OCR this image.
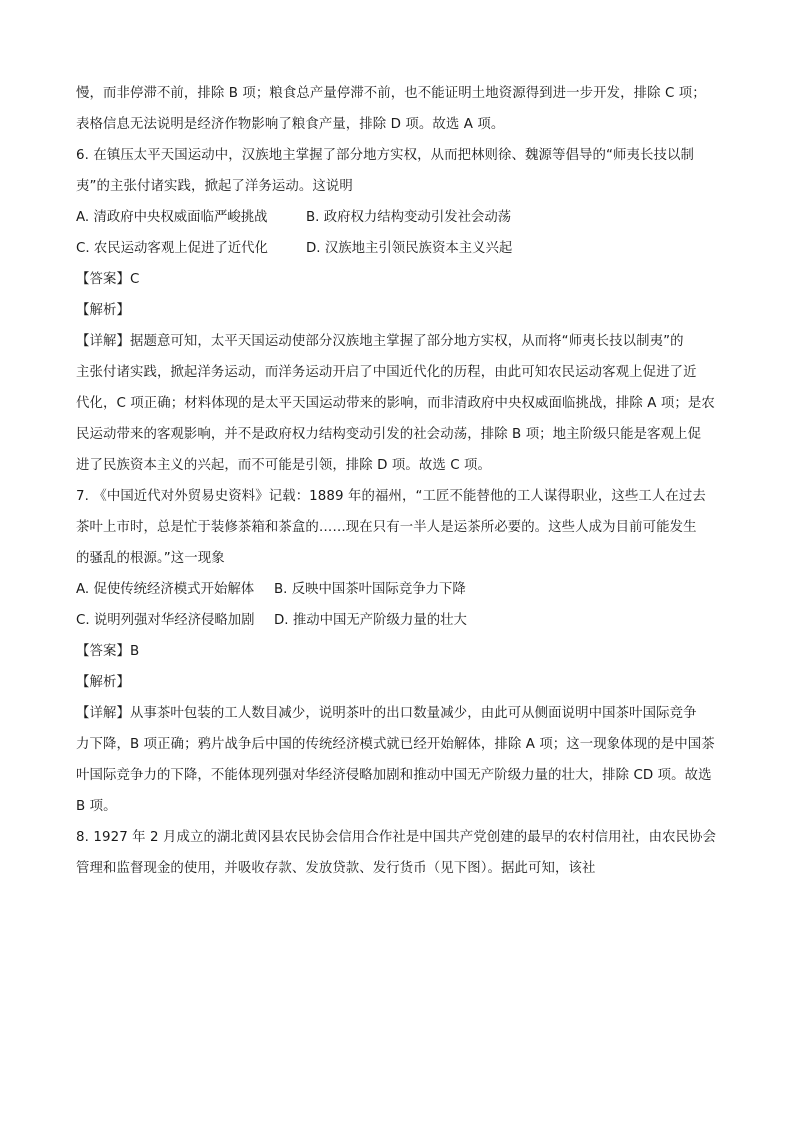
慢，而非停滞不前，排除 B 项；粮食总产量停滞不前，也不能证明土地资源得到进一步开发，排除 C 项；
表格信息无法说明是经济作物影响了粮食产量，排除 D 项。故选 A 项。
6. 在镇压太平天国运动中，汉族地主掌握了部分地方实权，从而把林则徐、魏源等倡导的“师夷长技以制
夷”的主张付诸实践，掀起了洋务运动。这说明
A. 清政府中央权威面临严峻挑战	B. 政府权力结构变动引发社会动荡
C. 农民运动客观上促进了近代化	D. 汉族地主引领民族资本主义兴起
【答案】C
【解析】
【详解】据题意可知，太平天国运动使部分汉族地主掌握了部分地方实权，从而将“师夷长技以制夷”的
主张付诸实践，掀起洋务运动，而洋务运动开启了中国近代化的历程，由此可知农民运动客观上促进了近
代化，C 项正确；材料体现的是太平天国运动带来的影响，而非清政府中央权威面临挑战，排除 A 项；是农
民运动带来的客观影响，并不是政府权力结构变动引发的社会动荡，排除 B 项；地主阶级只能是客观上促
进了民族资本主义的兴起，而不可能是引领，排除 D 项。故选 C 项。
7. 《中国近代对外贸易史资料》记载：1889 年的福州，“工匠不能替他的工人谋得职业，这些工人在过去
茶叶上市时，总是忙于装修茶箱和茶盒的……现在只有一半人是运茶所必要的。这些人成为目前可能发生
的骚乱的根源。”这一现象
A. 促使传统经济模式开始解体	B. 反映中国茶叶国际竞争力下降
C. 说明列强对华经济侵略加剧	D. 推动中国无产阶级力量的壮大
【答案】B
【解析】
【详解】从事茶叶包装的工人数目减少，说明茶叶的出口数量减少，由此可从侧面说明中国茶叶国际竞争
力下降，B 项正确；鸦片战争后中国的传统经济模式就已经开始解体，排除 A 项；这一现象体现的是中国茶
叶国际竞争力的下降，不能体现列强对华经济侵略加剧和推动中国无产阶级力量的壮大，排除 CD 项。故选
B 项。
8. 1927 年 2 月成立的湖北黄冈县农民协会信用合作社是中国共产党创建的最早的农村信用社，由农民协会
管理和监督现金的使用，并吸收存款、发放贷款、发行货币（见下图）。据此可知，该社
